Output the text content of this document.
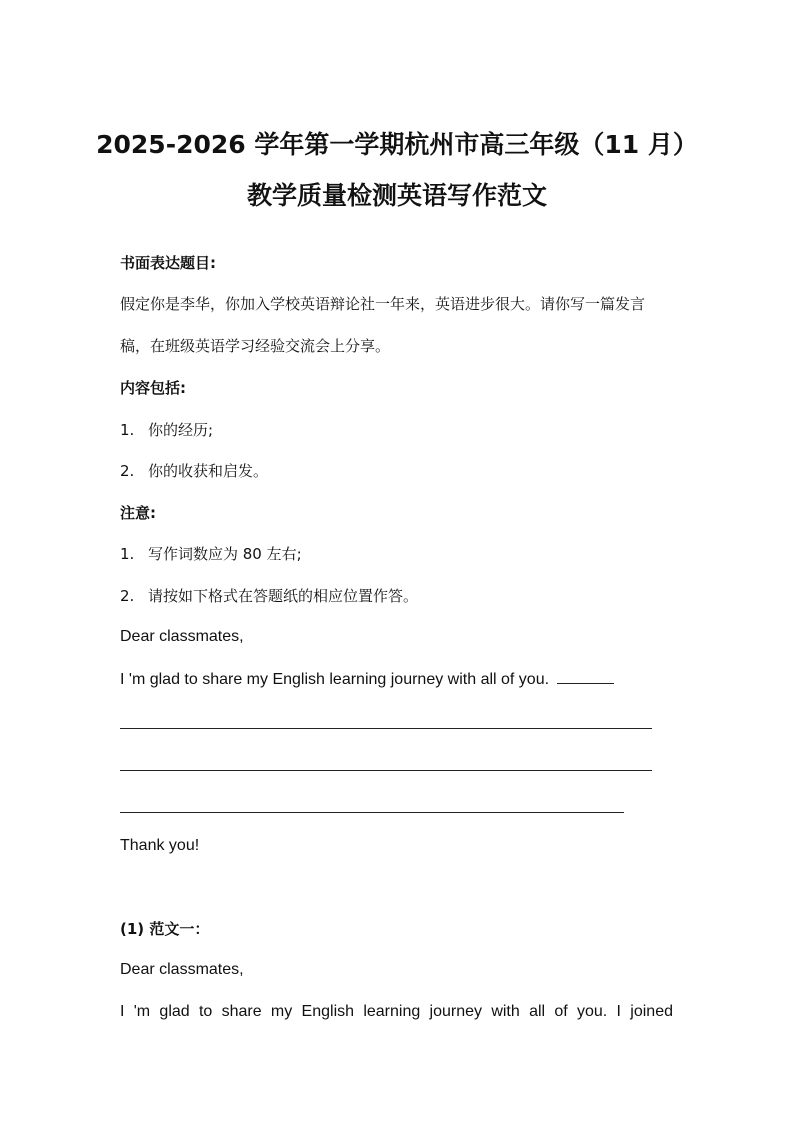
2025-2026 学年第一学期杭州市高三年级（11 月）
教学质量检测英语写作范文
书面表达题目:
假定你是李华，你加入学校英语辩论社一年来，英语进步很大。请你写一篇发言
稿，在班级英语学习经验交流会上分享。
内容包括:
1. 你的经历;
2. 你的收获和启发。
注意:
1. 写作词数应为 80 左右;
2. 请按如下格式在答题纸的相应位置作答。
Dear classmates,
I 'm glad to share my English learning journey with all of you.
Thank you!
(1) 范文一：
Dear classmates,
I 'm glad to share my English learning journey with all of you. I joined
